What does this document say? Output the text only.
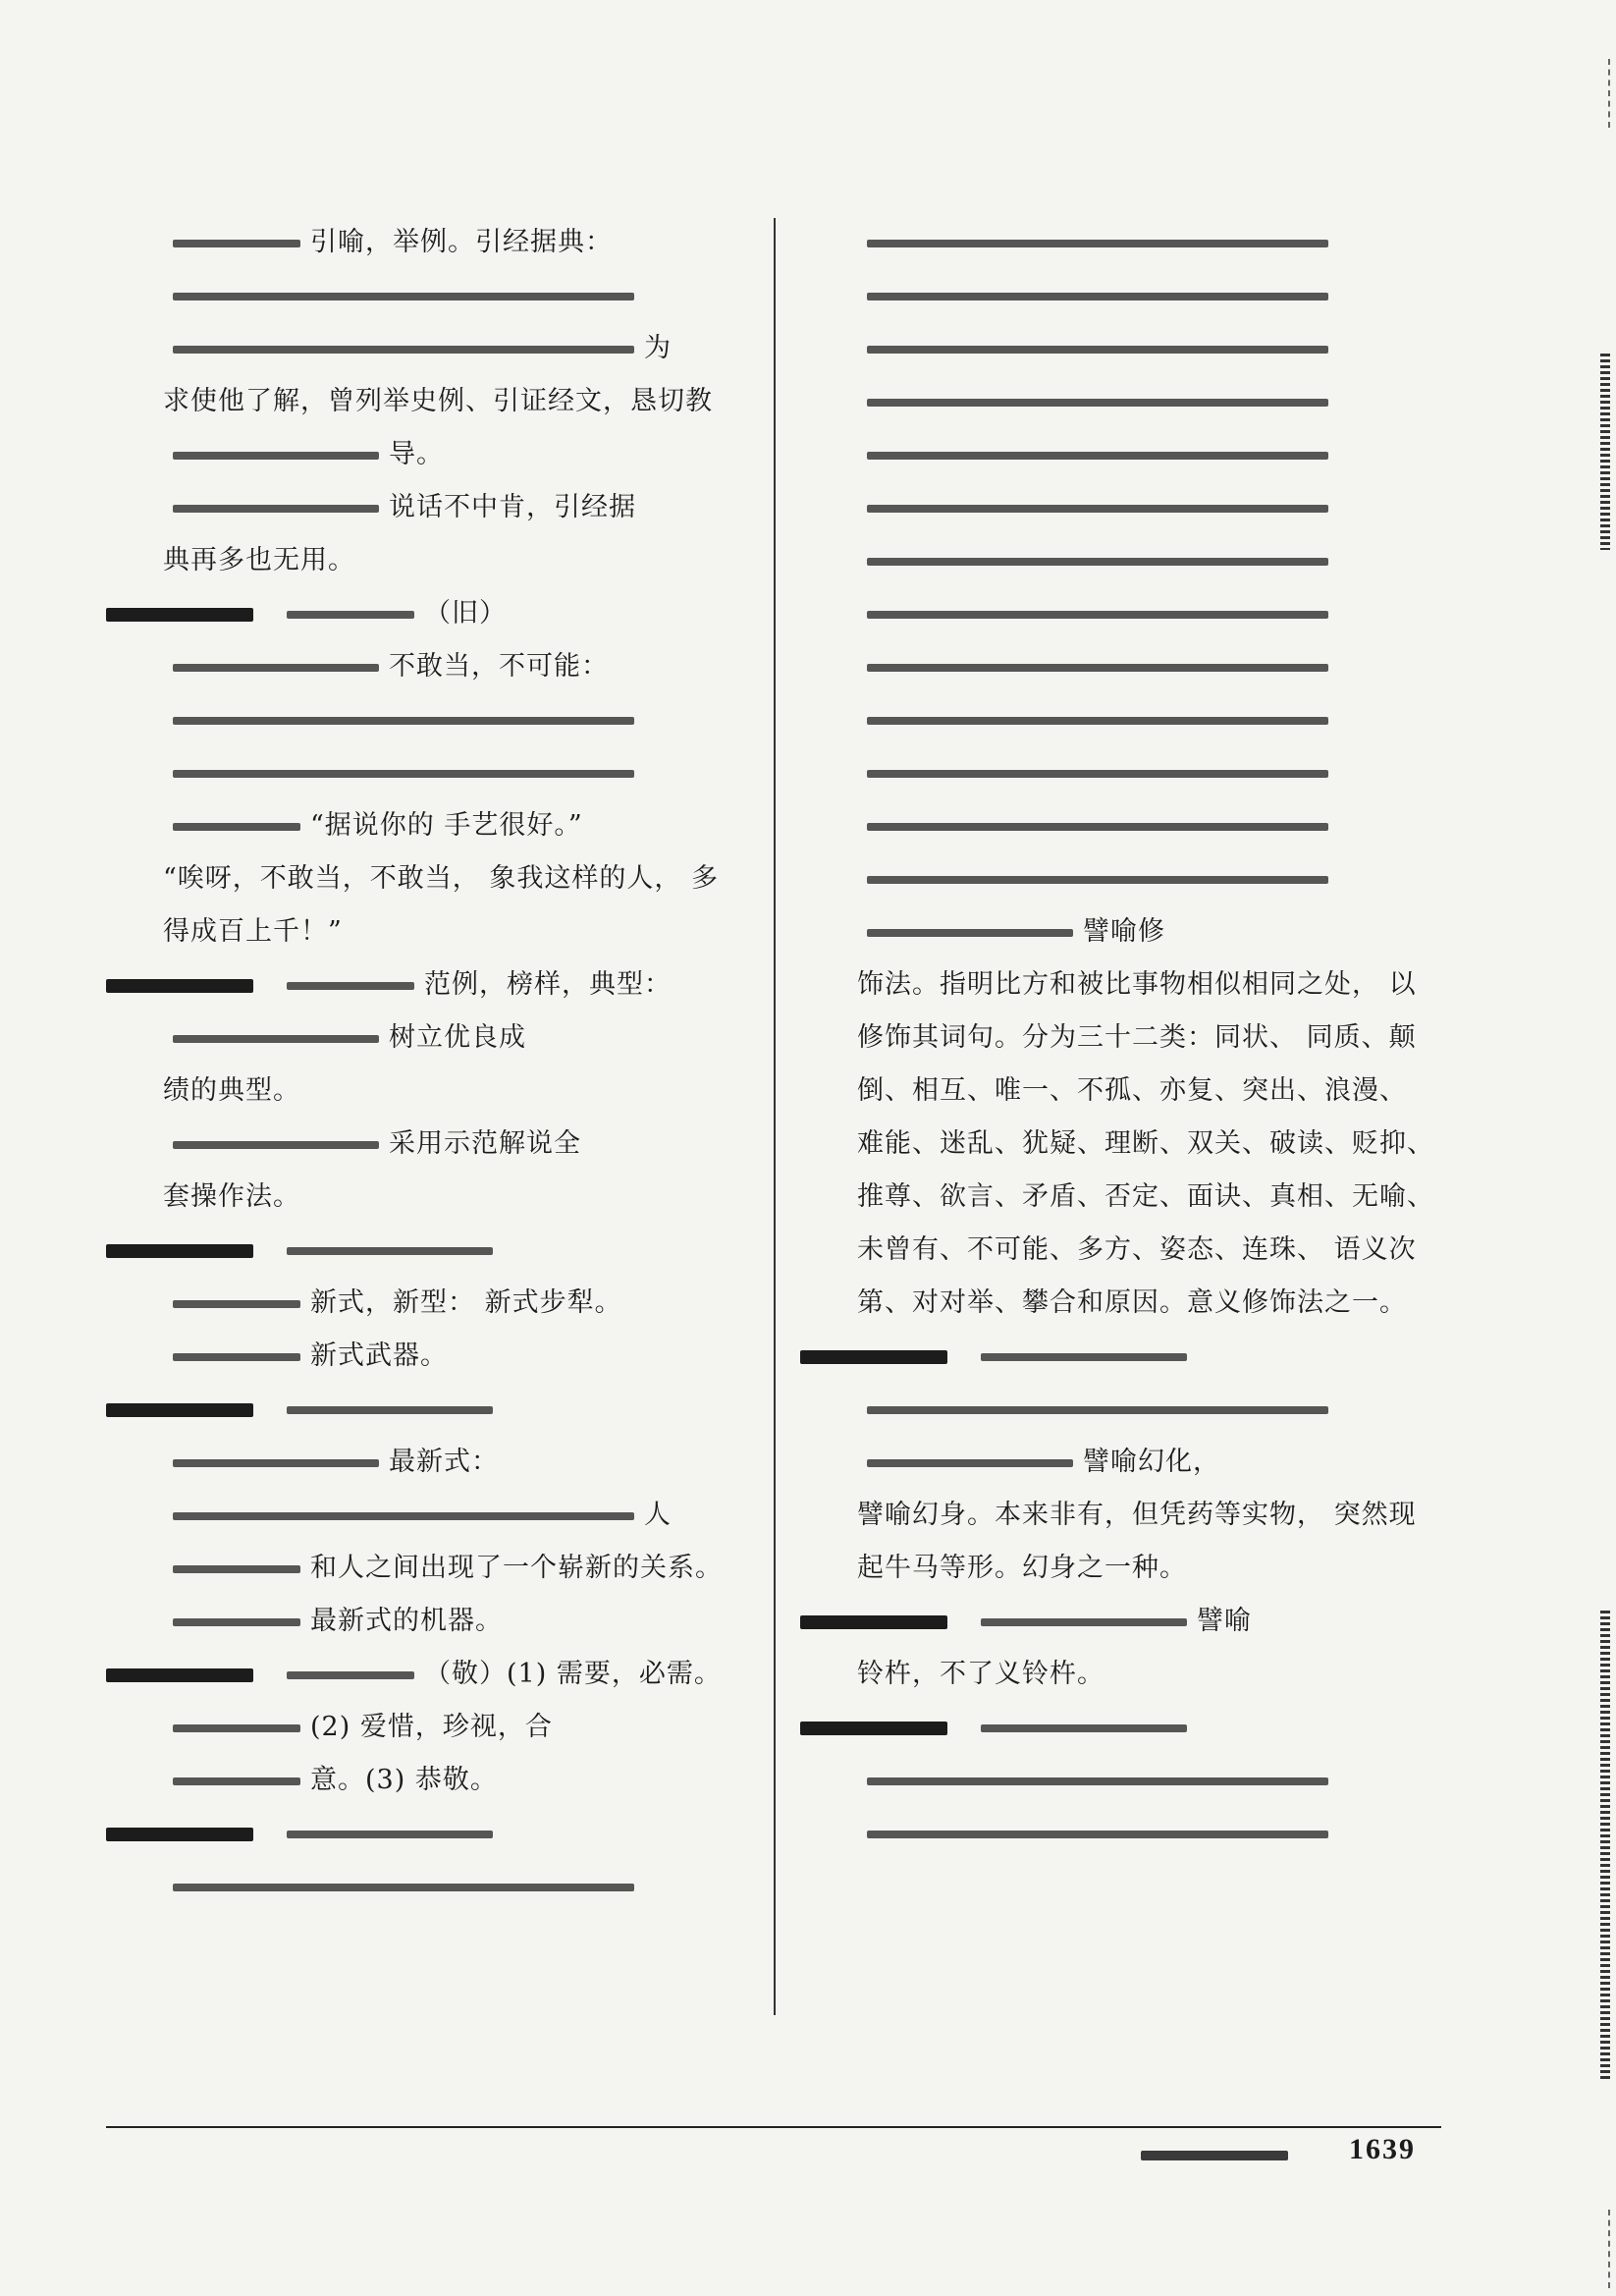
引喻，举例。引经据典：
为
求使他了解，曾列举史例、引证经文，恳切教
导。
说话不中肯，引经据
典再多也无用。
（旧）
不敢当，不可能：
“据说你的 手艺很好。”
“唉呀，不敢当，不敢当， 象我这样的人， 多
得成百上千！”
范例，榜样，典型：
树立优良成
绩的典型。
采用示范解说全
套操作法。
新式，新型： 新式步犁。
新式武器。
最新式：
人
和人之间出现了一个崭新的关系。
最新式的机器。
（敬）(1) 需要，必需。
(2) 爱惜，珍视，合
意。(3) 恭敬。
譬喻修
饰法。指明比方和被比事物相似相同之处， 以
修饰其词句。分为三十二类：同状、 同质、颠
倒、相互、唯一、不孤、亦复、突出、浪漫、
难能、迷乱、犹疑、理断、双关、破读、贬抑、
推尊、欲言、矛盾、否定、面诀、真相、无喻、
未曾有、不可能、多方、姿态、连珠、 语义次
第、对对举、攀合和原因。意义修饰法之一。
譬喻幻化，
譬喻幻身。本来非有，但凭药等实物， 突然现
起牛马等形。幻身之一种。
譬喻
铃杵，不了义铃杵。
1639
